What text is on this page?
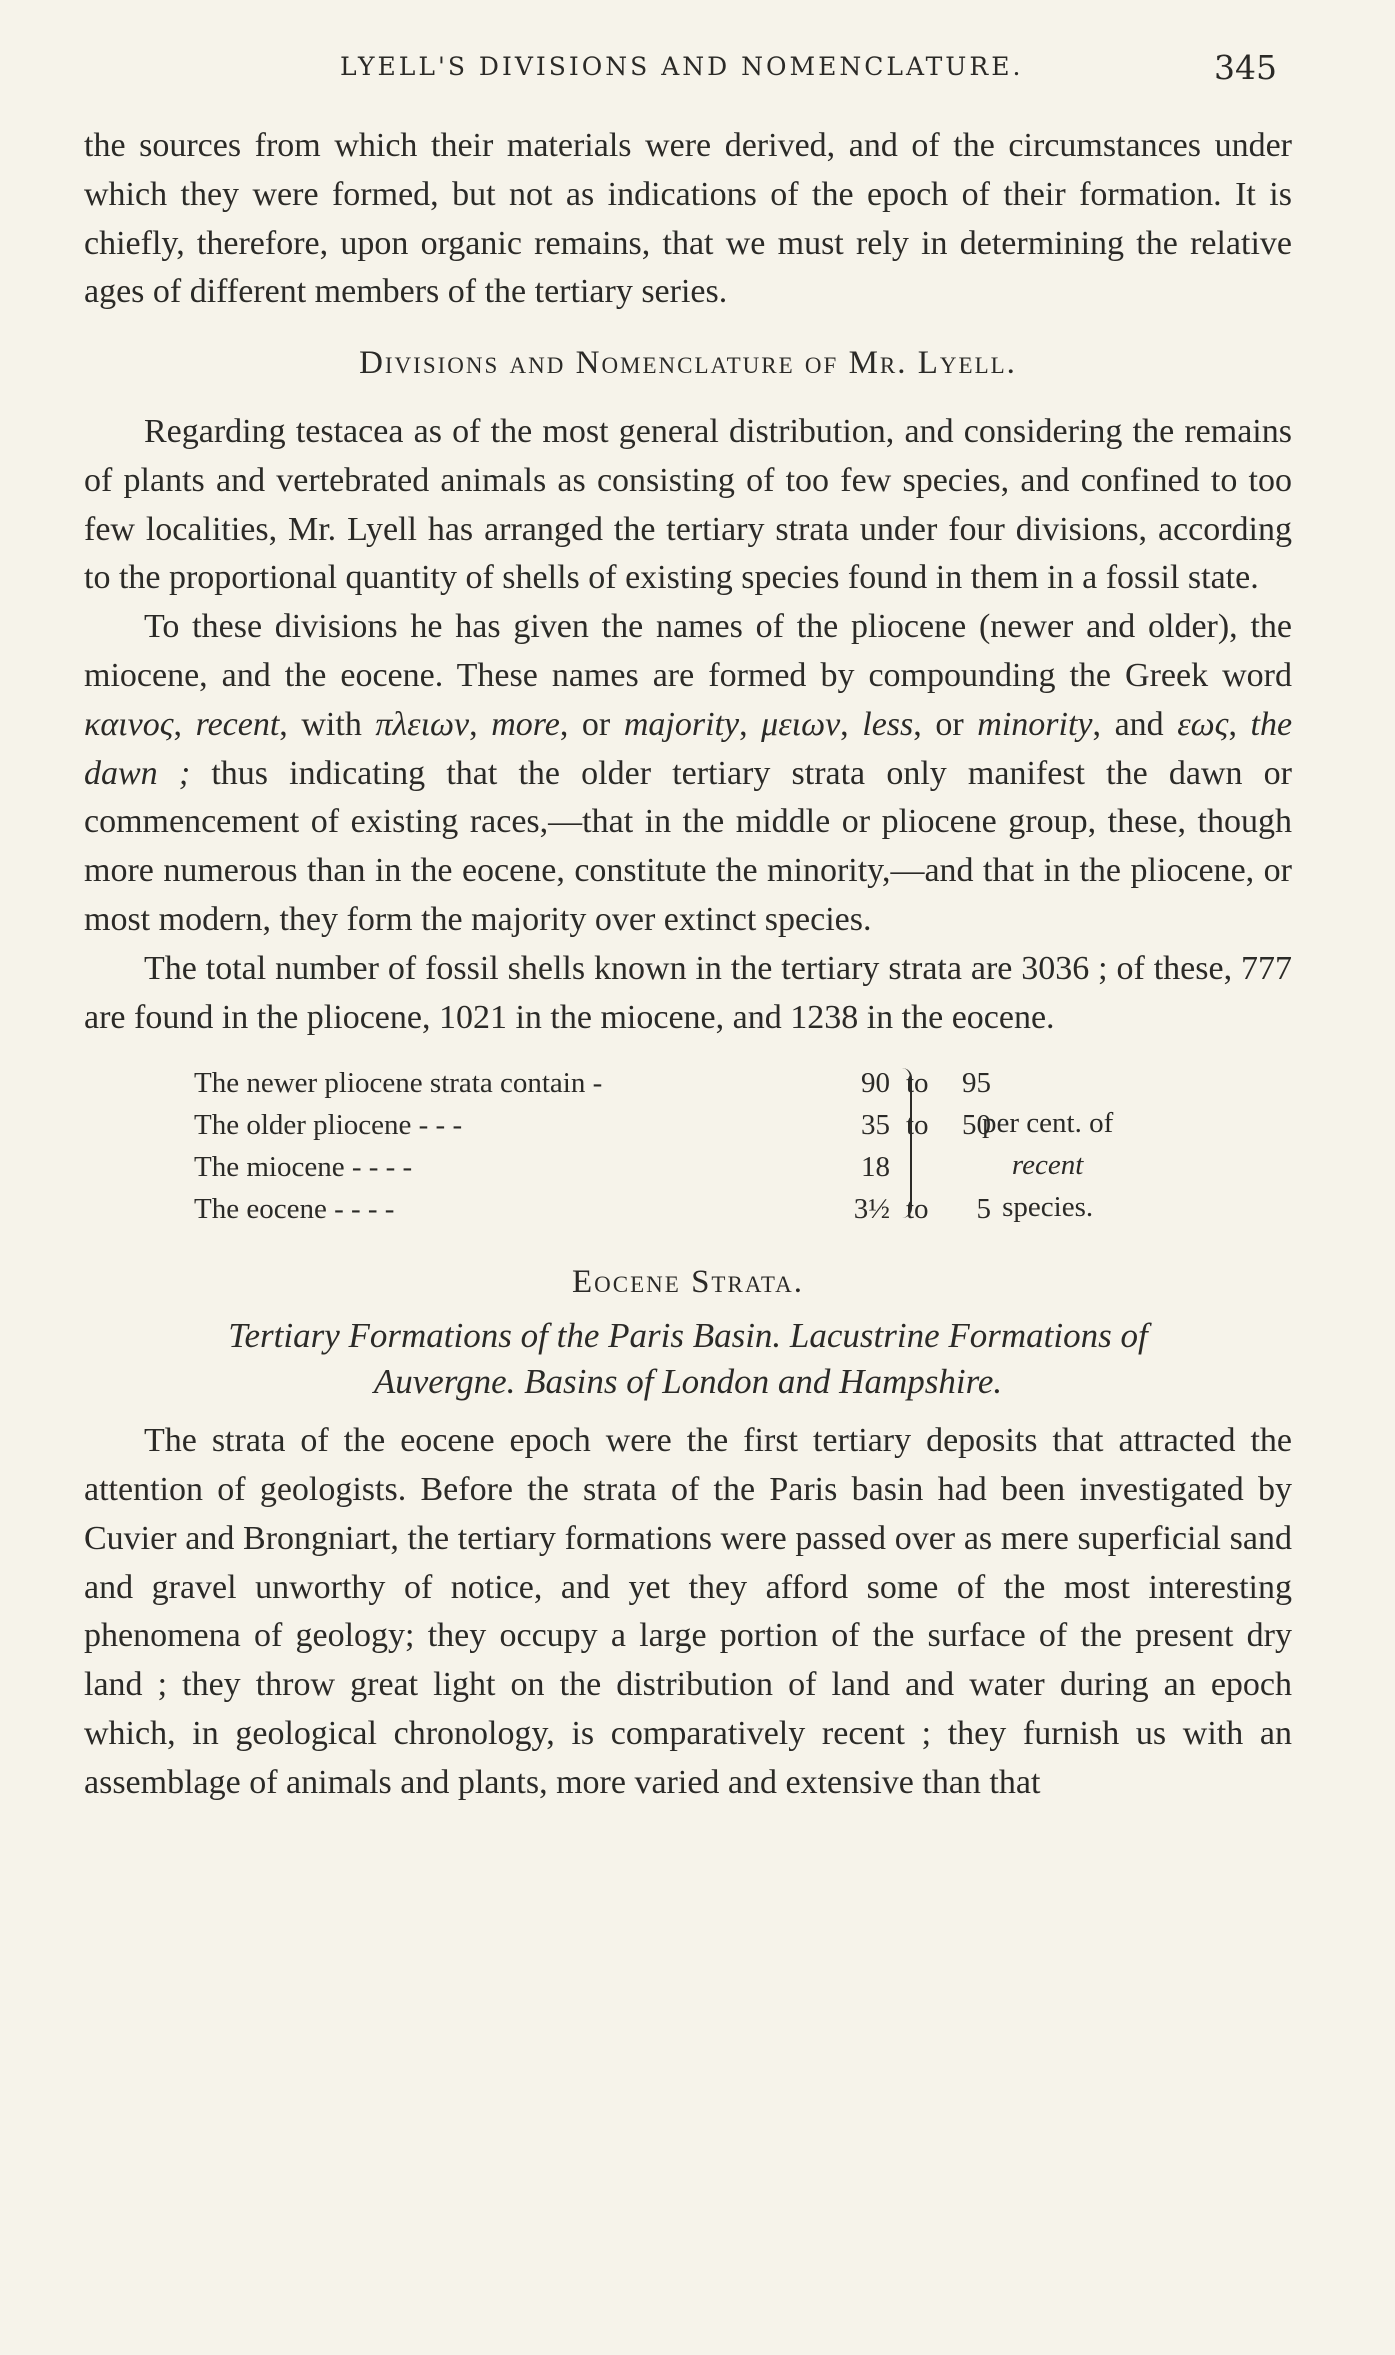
LYELL'S DIVISIONS AND NOMENCLATURE.	345

the sources from which their materials were derived, and of the circumstances under which they were formed, but not as indications of the epoch of their formation. It is chiefly, therefore, upon organic remains, that we must rely in determining the relative ages of different members of the tertiary series.

Divisions and Nomenclature of Mr. Lyell.

Regarding testacea as of the most general distribution, and considering the remains of plants and vertebrated animals as consisting of too few species, and confined to too few localities, Mr. Lyell has arranged the tertiary strata under four divisions, according to the proportional quantity of shells of existing species found in them in a fossil state.

To these divisions he has given the names of the pliocene (newer and older), the miocene, and the eocene. These names are formed by compounding the Greek word καινος, recent, with πλειων, more, or majority, μειων, less, or minority, and εως, the dawn ; thus indicating that the older tertiary strata only manifest the dawn or commencement of existing races,—that in the middle or pliocene group, these, though more numerous than in the eocene, constitute the minority,—and that in the pliocene, or most modern, they form the majority over extinct species.

The total number of fossil shells known in the tertiary strata are 3036 ; of these, 777 are found in the pliocene, 1021 in the miocene, and 1238 in the eocene.

The newer pliocene strata contain -	90 to	95
The older pliocene - - -	35 to	50
The miocene - - - -	18
The eocene - - - -	3½ to	5
per cent. of
recent
species.
Eocene Strata.
Tertiary Formations of the Paris Basin. Lacustrine Formations of
Auvergne. Basins of London and Hampshire.

The strata of the eocene epoch were the first tertiary deposits that attracted the attention of geologists. Before the strata of the Paris basin had been investigated by Cuvier and Brongniart, the tertiary formations were passed over as mere superficial sand and gravel unworthy of notice, and yet they afford some of the most interesting phenomena of geology; they occupy a large portion of the surface of the present dry land ; they throw great light on the distribution of land and water during an epoch which, in geological chronology, is comparatively recent ; they furnish us with an assemblage of animals and plants, more varied and extensive than that
